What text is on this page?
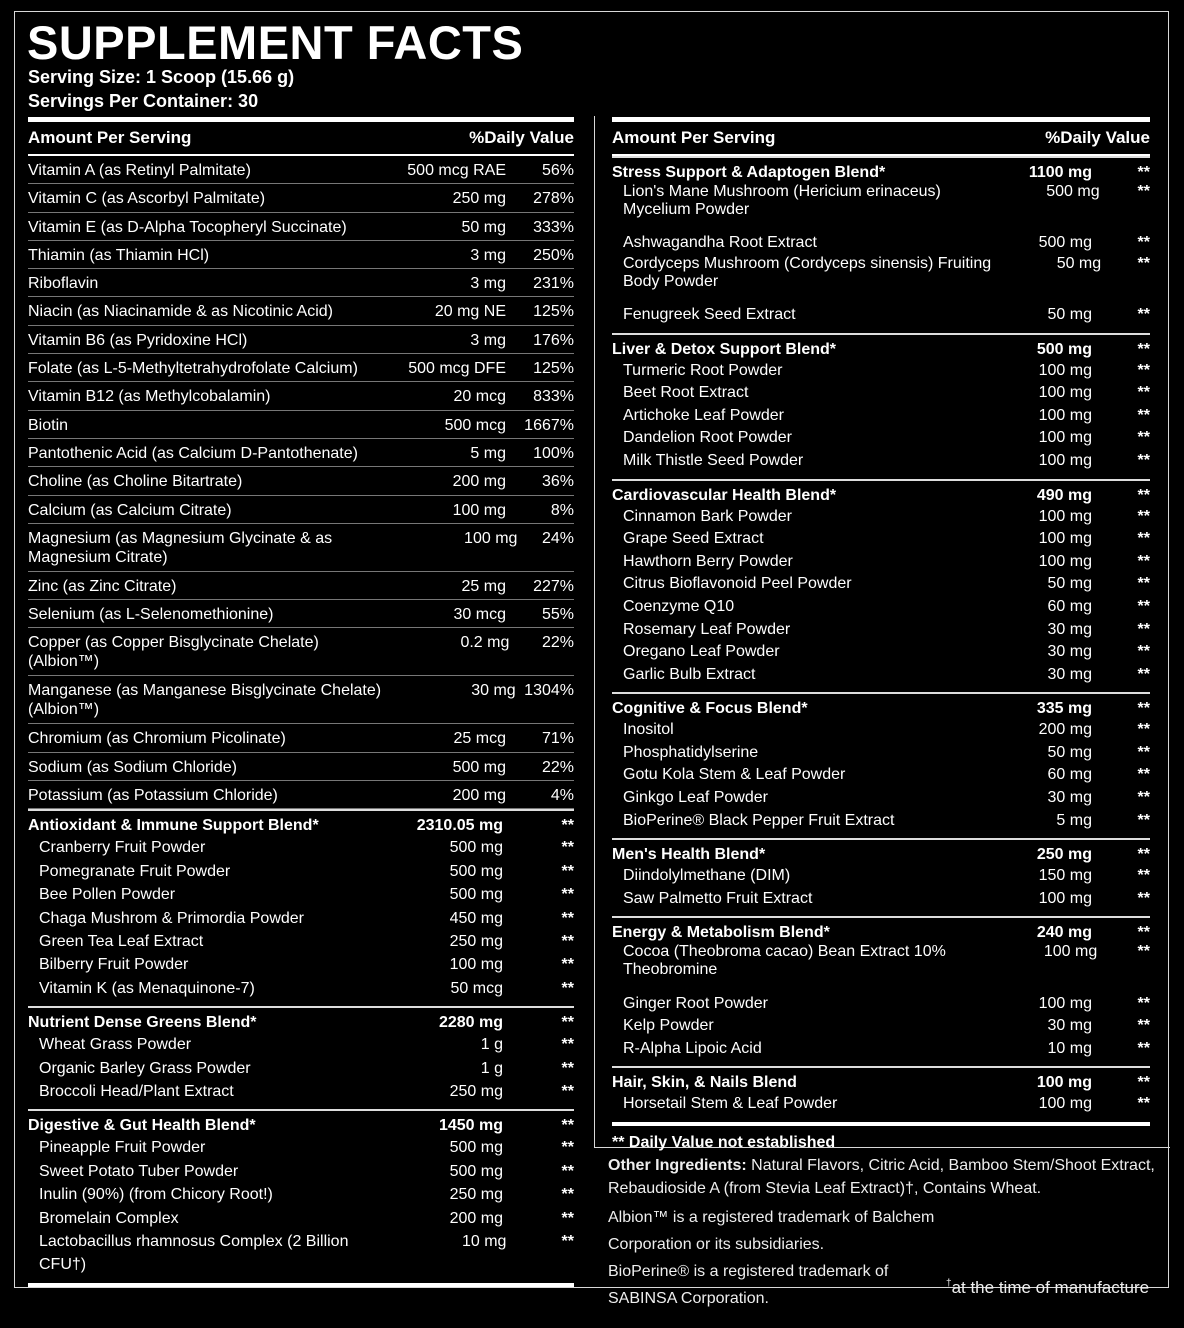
SUPPLEMENT FACTS
Serving Size: 1 Scoop (15.66 g)
Servings Per Container: 30
Amount Per Serving	%Daily Value
Vitamin A (as Retinyl Palmitate)	500 mcg RAE	56%
Vitamin C (as Ascorbyl Palmitate)	250 mg	278%
Vitamin E (as D-Alpha Tocopheryl Succinate)	50 mg	333%
Thiamin (as Thiamin HCl)	3 mg	250%
Riboflavin	3 mg	231%
Niacin (as Niacinamide & as Nicotinic Acid)	20 mg NE	125%
Vitamin B6 (as Pyridoxine HCl)	3 mg	176%
Folate (as L-5-Methyltetrahydrofolate Calcium)	500 mcg DFE	125%
Vitamin B12 (as Methylcobalamin)	20 mcg	833%
Biotin	500 mcg	1667%
Pantothenic Acid (as Calcium D-Pantothenate)	5 mg	100%
Choline (as Choline Bitartrate)	200 mg	36%
Calcium (as Calcium Citrate)	100 mg	8%
Magnesium (as Magnesium Glycinate & as Magnesium Citrate)
100 mg	24%
Zinc (as Zinc Citrate)	25 mg	227%
Selenium (as L-Selenomethionine)	30 mcg	55%
Copper (as Copper Bisglycinate Chelate) (Albion™)
0.2 mg	22%
Manganese (as Manganese Bisglycinate Chelate) (Albion™)
30 mg 1304%
Chromium (as Chromium Picolinate)	25 mcg	71%
Sodium (as Sodium Chloride)	500 mg	22%
Potassium (as Potassium Chloride)	200 mg	4%
Antioxidant & Immune Support Blend*	2310.05 mg	**
Cranberry Fruit Powder	500 mg	**
Pomegranate Fruit Powder	500 mg	**
Bee Pollen Powder	500 mg	**
Chaga Mushrom & Primordia Powder	450 mg	**
Green Tea Leaf Extract	250 mg	**
Bilberry Fruit Powder	100 mg	**
Vitamin K (as Menaquinone-7)	50 mcg	**
Nutrient Dense Greens Blend*	2280 mg	**
Wheat Grass Powder	1 g	**
Organic Barley Grass Powder	1 g	**
Broccoli Head/Plant Extract	250 mg	**
Digestive & Gut Health Blend*	1450 mg	**
Pineapple Fruit Powder	500 mg	**
Sweet Potato Tuber Powder	500 mg	**
Inulin (90%) (from Chicory Root!)	250 mg	**
Bromelain Complex	200 mg	**
Lactobacillus rhamnosus Complex (2 Billion CFU†)
10 mg	**
Amount Per Serving	%Daily Value
Stress Support & Adaptogen Blend*	1100 mg	**
Lion's Mane Mushroom (Hericium erinaceus) Mycelium Powder
500 mg	**
Ashwagandha Root Extract	500 mg	**
Cordyceps Mushroom (Cordyceps sinensis) Fruiting Body Powder
50 mg	**
Fenugreek Seed Extract	50 mg	**
Liver & Detox Support Blend*	500 mg	**
Turmeric Root Powder	100 mg	**
Beet Root Extract	100 mg	**
Artichoke Leaf Powder	100 mg	**
Dandelion Root Powder	100 mg	**
Milk Thistle Seed Powder	100 mg	**
Cardiovascular Health Blend*	490 mg	**
Cinnamon Bark Powder	100 mg	**
Grape Seed Extract	100 mg	**
Hawthorn Berry Powder	100 mg	**
Citrus Bioflavonoid Peel Powder	50 mg	**
Coenzyme Q10	60 mg	**
Rosemary Leaf Powder	30 mg	**
Oregano Leaf Powder	30 mg	**
Garlic Bulb Extract	30 mg	**
Cognitive & Focus Blend*	335 mg	**
Inositol	200 mg	**
Phosphatidylserine	50 mg	**
Gotu Kola Stem & Leaf Powder	60 mg	**
Ginkgo Leaf Powder	30 mg	**
BioPerine® Black Pepper Fruit Extract	5 mg	**
Men's Health Blend*	250 mg	**
Diindolylmethane (DIM)	150 mg	**
Saw Palmetto Fruit Extract	100 mg	**
Energy & Metabolism Blend*	240 mg	**
Cocoa (Theobroma cacao) Bean Extract 10% Theobromine
100 mg	**
Ginger Root Powder	100 mg	**
Kelp Powder	30 mg	**
R-Alpha Lipoic Acid	10 mg	**
Hair, Skin, & Nails Blend	100 mg	**
Horsetail Stem & Leaf Powder	100 mg	**
** Daily Value not established

Other Ingredients: Natural Flavors, Citric Acid, Bamboo Stem/Shoot Extract, Rebaudioside A (from Stevia Leaf Extract)†, Contains Wheat.

Albion™ is a registered trademark of Balchem Corporation or its subsidiaries.

BioPerine® is a registered trademark of SABINSA Corporation.

†at the time of manufacture
